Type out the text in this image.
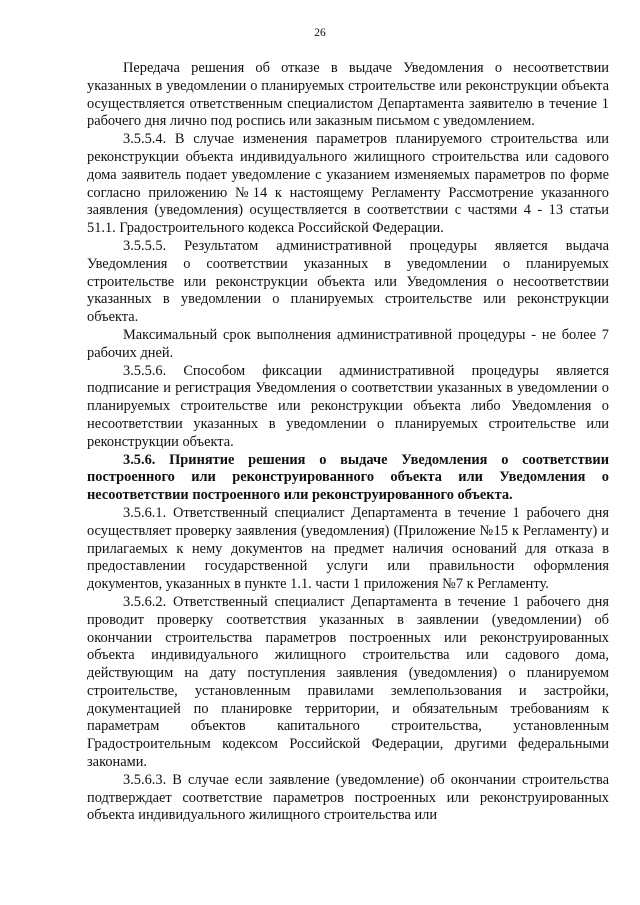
26

Передача решения об отказе в выдаче Уведомления о несоответствии указанных в уведомлении о планируемых строительстве или реконструкции объекта осуществляется ответственным специалистом Департамента заявителю в течение 1 рабочего дня лично под роспись или заказным письмом с уведомлением.

3.5.5.4. В случае изменения параметров планируемого строительства или реконструкции объекта индивидуального жилищного строительства или садового дома заявитель подает уведомление с указанием изменяемых параметров по форме согласно приложению №14 к настоящему Регламенту Рассмотрение указанного заявления (уведомления) осуществляется в соответствии с частями 4 - 13 статьи 51.1. Градостроительного кодекса Российской Федерации.

3.5.5.5. Результатом административной процедуры является выдача Уведомления о соответствии указанных в уведомлении о планируемых строительстве или реконструкции объекта или Уведомления о несоответствии указанных в уведомлении о планируемых строительстве или реконструкции объекта.

Максимальный срок выполнения административной процедуры - не более 7 рабочих дней.

3.5.5.6. Способом фиксации административной процедуры является подписание и регистрация Уведомления о соответствии указанных в уведомлении о планируемых строительстве или реконструкции объекта либо Уведомления о несоответствии указанных в уведомлении о планируемых строительстве или реконструкции объекта.

3.5.6. Принятие решения о выдаче Уведомления о соответствии построенного или реконструированного объекта или Уведомления о несоответствии построенного или реконструированного объекта.

3.5.6.1. Ответственный специалист Департамента в течение 1 рабочего дня осуществляет проверку заявления (уведомления) (Приложение №15 к Регламенту) и прилагаемых к нему документов на предмет наличия оснований для отказа в предоставлении государственной услуги или правильности оформления документов, указанных в пункте 1.1. части 1 приложения №7 к Регламенту.

3.5.6.2. Ответственный специалист Департамента в течение 1 рабочего дня проводит проверку соответствия указанных в заявлении (уведомлении) об окончании строительства параметров построенных или реконструированных объекта индивидуального жилищного строительства или садового дома, действующим на дату поступления заявления (уведомления) о планируемом строительстве, установленным правилами землепользования и застройки, документацией по планировке территории, и обязательным требованиям к параметрам объектов капитального строительства, установленным Градостроительным кодексом Российской Федерации, другими федеральными законами.

3.5.6.3. В случае если заявление (уведомление) об окончании строительства подтверждает соответствие параметров построенных или реконструированных объекта индивидуального жилищного строительства или
